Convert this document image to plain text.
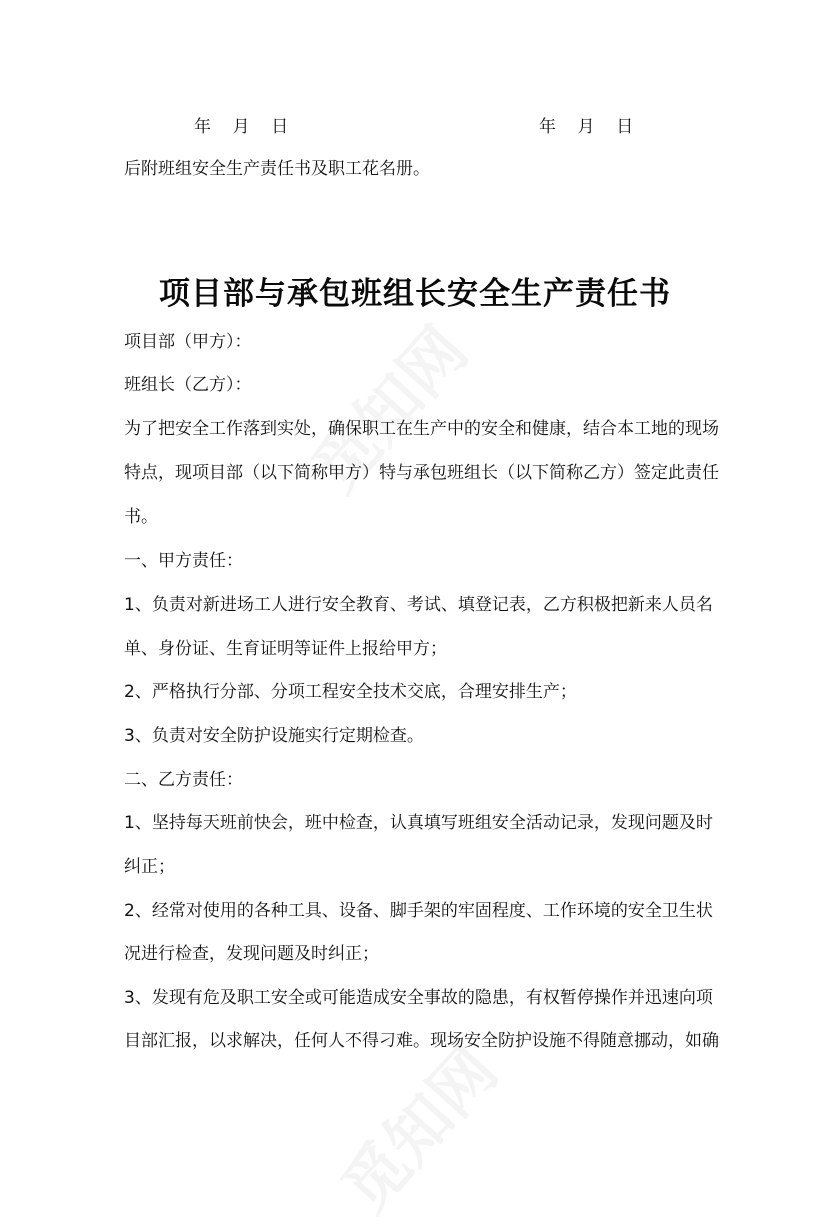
年    月    日	年    月    日
后附班组安全生产责任书及职工花名册。
项目部与承包班组长安全生产责任书
项目部（甲方）：
班组长（乙方）：
为了把安全工作落到实处，确保职工在生产中的安全和健康，结合本工地的现场
特点，现项目部（以下简称甲方）特与承包班组长（以下简称乙方）签定此责任
书。
一、甲方责任：
1、负责对新进场工人进行安全教育、考试、填登记表，乙方积极把新来人员名
单、身份证、生育证明等证件上报给甲方；
2、严格执行分部、分项工程安全技术交底，合理安排生产；
3、负责对安全防护设施实行定期检查。
二、乙方责任：
1、坚持每天班前快会，班中检查，认真填写班组安全活动记录，发现问题及时
纠正；
2、经常对使用的各种工具、设备、脚手架的牢固程度、工作环境的安全卫生状
况进行检查，发现问题及时纠正；
3、发现有危及职工安全或可能造成安全事故的隐患，有权暂停操作并迅速向项
目部汇报，以求解决，任何人不得刁难。现场安全防护设施不得随意挪动，如确
